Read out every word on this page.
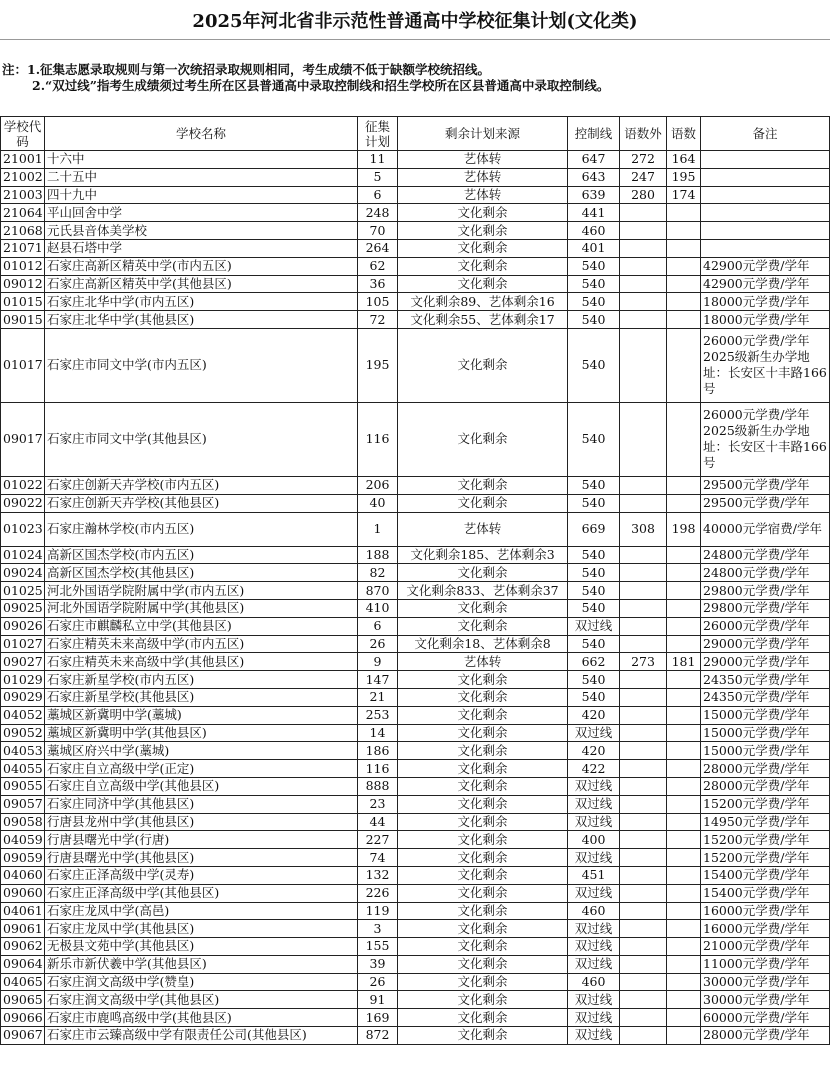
2025年河北省非示范性普通高中学校征集计划(文化类)
注：1.征集志愿录取规则与第一次统招录取规则相同，考生成绩不低于缺额学校统招线。
2.“双过线”指考生成绩须过考生所在区县普通高中录取控制线和招生学校所在区县普通高中录取控制线。
学校代码	学校名称	征集计划	剩余计划来源	控制线	语数外	语数	备注
21001	十六中	11	艺体转	647	272	164	
21002	二十五中	5	艺体转	643	247	195	
21003	四十九中	6	艺体转	639	280	174	
21064	平山回舍中学	248	文化剩余	441			
21068	元氏县音体美学校	70	文化剩余	460			
21071	赵县石塔中学	264	文化剩余	401			
01012	石家庄高新区精英中学(市内五区)	62	文化剩余	540			42900元学费/学年
09012	石家庄高新区精英中学(其他县区)	36	文化剩余	540			42900元学费/学年
01015	石家庄北华中学(市内五区)	105	文化剩余89、艺体剩余16	540			18000元学费/学年
09015	石家庄北华中学(其他县区)	72	文化剩余55、艺体剩余17	540			18000元学费/学年
01017	石家庄市同文中学(市内五区)	195	文化剩余	540			26000元学费/学年2025级新生办学地址：长安区十丰路166号
09017	石家庄市同文中学(其他县区)	116	文化剩余	540			26000元学费/学年2025级新生办学地址：长安区十丰路166号
01022	石家庄创新天卉学校(市内五区)	206	文化剩余	540			29500元学费/学年
09022	石家庄创新天卉学校(其他县区)	40	文化剩余	540			29500元学费/学年
01023	石家庄瀚林学校(市内五区)	1	艺体转	669	308	198	40000元学宿费/学年
01024	高新区国杰学校(市内五区)	188	文化剩余185、艺体剩余3	540			24800元学费/学年
09024	高新区国杰学校(其他县区)	82	文化剩余	540			24800元学费/学年
01025	河北外国语学院附属中学(市内五区)	870	文化剩余833、艺体剩余37	540			29800元学费/学年
09025	河北外国语学院附属中学(其他县区)	410	文化剩余	540			29800元学费/学年
09026	石家庄市麒麟私立中学(其他县区)	6	文化剩余	双过线			26000元学费/学年
01027	石家庄精英未来高级中学(市内五区)	26	文化剩余18、艺体剩余8	540			29000元学费/学年
09027	石家庄精英未来高级中学(其他县区)	9	艺体转	662	273	181	29000元学费/学年
01029	石家庄新星学校(市内五区)	147	文化剩余	540			24350元学费/学年
09029	石家庄新星学校(其他县区)	21	文化剩余	540			24350元学费/学年
04052	藁城区新冀明中学(藁城)	253	文化剩余	420			15000元学费/学年
09052	藁城区新冀明中学(其他县区)	14	文化剩余	双过线			15000元学费/学年
04053	藁城区府兴中学(藁城)	186	文化剩余	420			15000元学费/学年
04055	石家庄自立高级中学(正定)	116	文化剩余	422			28000元学费/学年
09055	石家庄自立高级中学(其他县区)	888	文化剩余	双过线			28000元学费/学年
09057	石家庄同济中学(其他县区)	23	文化剩余	双过线			15200元学费/学年
09058	行唐县龙州中学(其他县区)	44	文化剩余	双过线			14950元学费/学年
04059	行唐县曙光中学(行唐)	227	文化剩余	400			15200元学费/学年
09059	行唐县曙光中学(其他县区)	74	文化剩余	双过线			15200元学费/学年
04060	石家庄正泽高级中学(灵寿)	132	文化剩余	451			15400元学费/学年
09060	石家庄正泽高级中学(其他县区)	226	文化剩余	双过线			15400元学费/学年
04061	石家庄龙凤中学(高邑)	119	文化剩余	460			16000元学费/学年
09061	石家庄龙凤中学(其他县区)	3	文化剩余	双过线			16000元学费/学年
09062	无极县文苑中学(其他县区)	155	文化剩余	双过线			21000元学费/学年
09064	新乐市新伏羲中学(其他县区)	39	文化剩余	双过线			11000元学费/学年
04065	石家庄润文高级中学(赞皇)	26	文化剩余	460			30000元学费/学年
09065	石家庄润文高级中学(其他县区)	91	文化剩余	双过线			30000元学费/学年
09066	石家庄市鹿鸣高级中学(其他县区)	169	文化剩余	双过线			60000元学费/学年
09067	石家庄市云臻高级中学有限责任公司(其他县区)	872	文化剩余	双过线			28000元学费/学年
